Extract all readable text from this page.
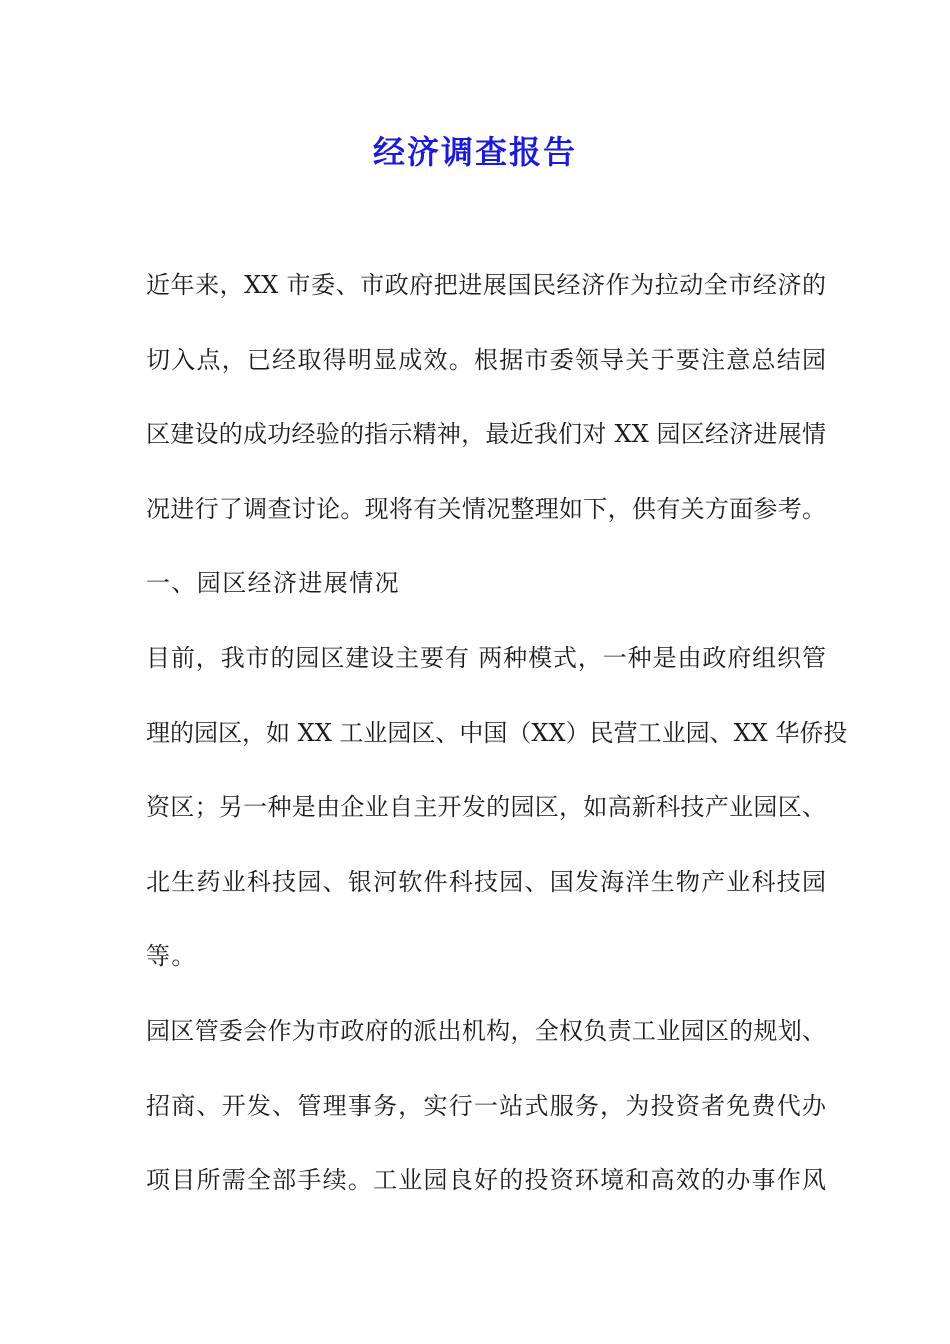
经济调查报告

近年来，XX 市委、市政府把进展国民经济作为拉动全市经济的

切入点，已经取得明显成效。根据市委领导关于要注意总结园

区建设的成功经验的指示精神，最近我们对 XX 园区经济进展情

况进行了调查讨论。现将有关情况整理如下，供有关方面参考。

一、园区经济进展情况

目前，我市的园区建设主要有 两种模式，一种是由政府组织管

理的园区，如 XX 工业园区、中国（XX）民营工业园、XX 华侨投

资区；另一种是由企业自主开发的园区，如高新科技产业园区、

北生药业科技园、银河软件科技园、国发海洋生物产业科技园

等。

园区管委会作为市政府的派出机构，全权负责工业园区的规划、

招商、开发、管理事务，实行一站式服务，为投资者免费代办

项目所需全部手续。工业园良好的投资环境和高效的办事作风
